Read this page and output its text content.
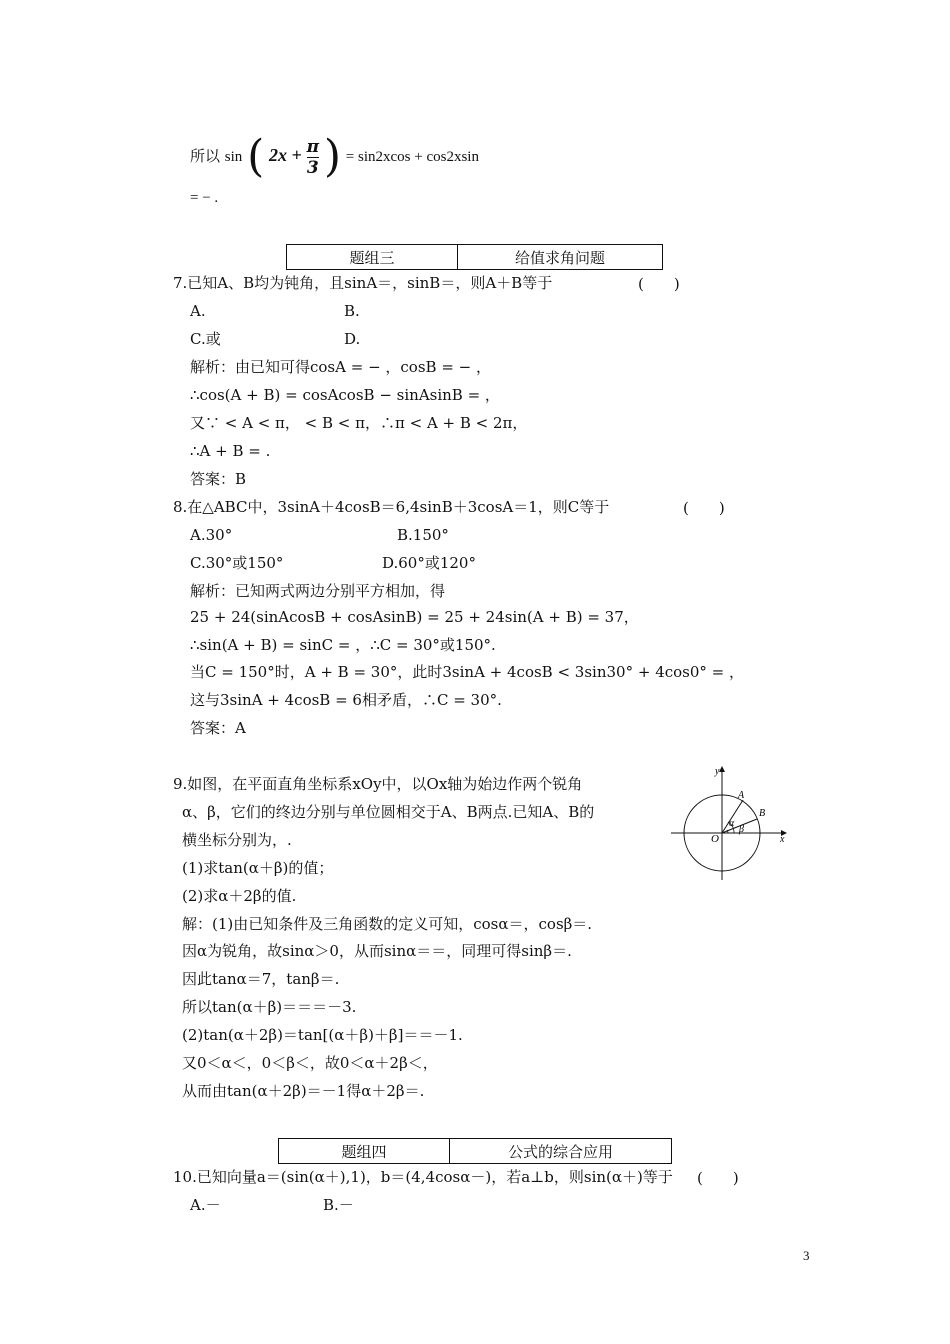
所以 sin ( $2x + \frac{\pi}{3}$ ) = sin2xcos + cos2xsin
= − .
题组三	给值求角问题
7.已知A、B均为钝角，且sinA＝，sinB＝，则A＋B等于	(　　)
A.	B.
C.或	D.
解析：由已知可得cosA = − ，cosB = − ，
∴cos(A + B) = cosAcosB − sinAsinB = ，
又∵ < A < π， < B < π，∴π < A + B < 2π，
∴A + B = .
答案：B
8.在△ABC中，3sinA＋4cosB＝6,4sinB＋3cosA＝1，则C等于	(　　)
A.30°	B.150°
C.30°或150°	D.60°或120°
解析：已知两式两边分别平方相加，得
25 + 24(sinAcosB + cosAsinB) = 25 + 24sin(A + B) = 37，
∴sin(A + B) = sinC = ，∴C = 30°或150°.
当C = 150°时，A + B = 30°，此时3sinA + 4cosB < 3sin30° + 4cos0° = ，
这与3sinA + 4cosB = 6相矛盾，∴C = 30°.
答案：A
9.如图，在平面直角坐标系xOy中，以Ox轴为始边作两个锐角
α、β，它们的终边分别与单位圆相交于A、B两点.已知A、B的
横坐标分别为，.
(1)求tan(α＋β)的值；
(2)求α＋2β的值.
解：(1)由已知条件及三角函数的定义可知，cosα＝，cosβ＝.
因α为锐角，故sinα＞0，从而sinα＝＝，同理可得sinβ＝.
因此tanα＝7，tanβ＝.
所以tan(α＋β)＝＝＝－3.
(2)tan(α＋2β)＝tan[(α＋β)＋β]＝＝－1.
又0＜α＜，0＜β＜，故0＜α＋2β＜，
从而由tan(α＋2β)＝－1得α＋2β＝.
y
x
O
A
B
α
β
题组四	公式的综合应用
10.已知向量a＝(sin(α＋),1)，b＝(4,4cosα－)，若a⊥b，则sin(α＋)等于 (　　)
A.－	B.－
3
